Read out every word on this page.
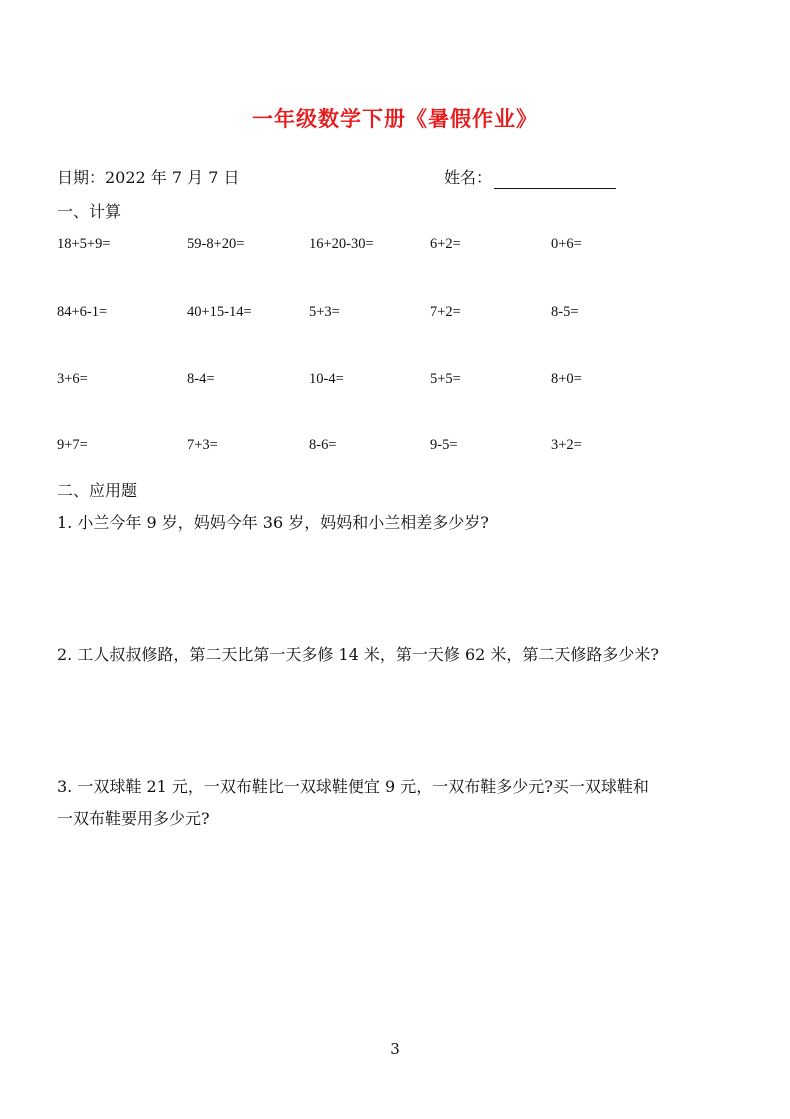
一年级数学下册《暑假作业》
日期：2022 年 7 月 7 日	姓名：
一、计算
18+5+9=	59-8+20=	16+20-30=	6+2=	0+6=
84+6-1=	40+15-14=	5+3=	7+2=	8-5=
3+6=	8-4=	10-4=	5+5=	8+0=
9+7=	7+3=	8-6=	9-5=	3+2=
二、应用题
1. 小兰今年 9 岁，妈妈今年 36 岁，妈妈和小兰相差多少岁?
2. 工人叔叔修路，第二天比第一天多修 14 米，第一天修 62 米，第二天修路多少米?
3. 一双球鞋 21 元，一双布鞋比一双球鞋便宜 9 元，一双布鞋多少元?买一双球鞋和
一双布鞋要用多少元?
3
